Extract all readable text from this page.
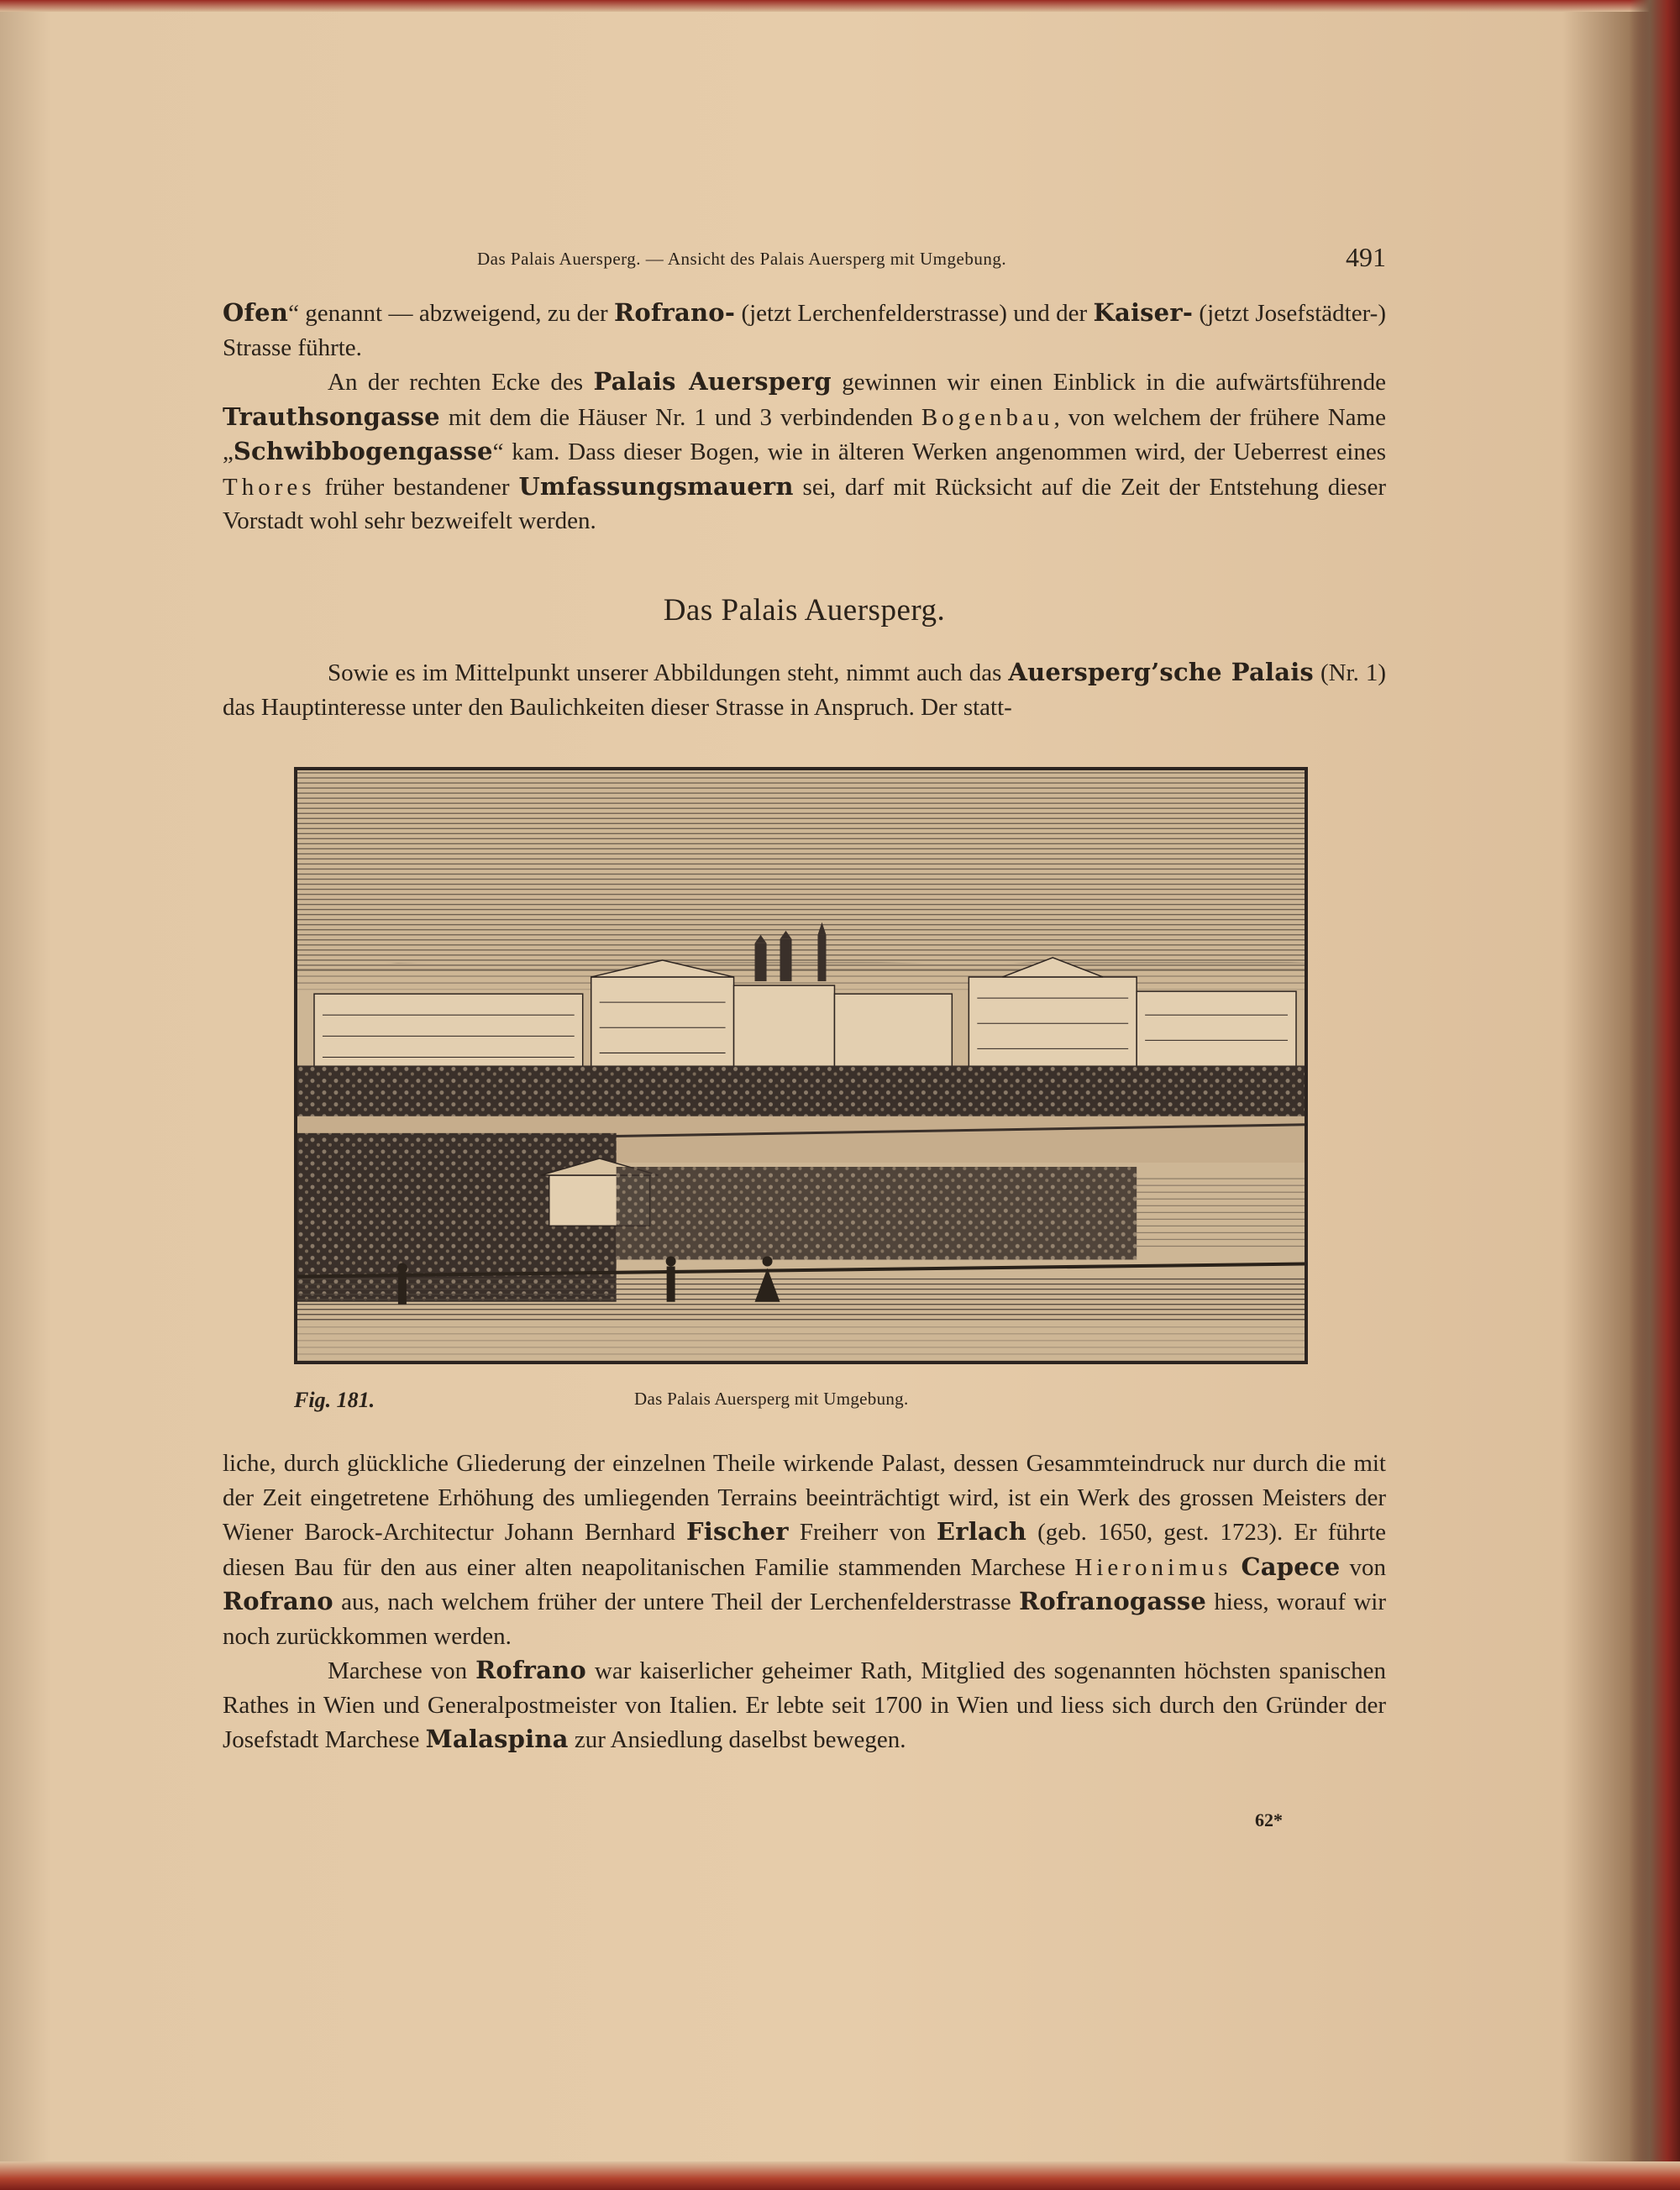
Das Palais Auersperg. — Ansicht des Palais Auersperg mit Umgebung.	491

Ofen“ genannt — abzweigend, zu der Rofrano- (jetzt Lerchenfelderstrasse) und der Kaiser- (jetzt Josefstädter-) Strasse führte.

An der rechten Ecke des Palais Auersperg gewinnen wir einen Einblick in die aufwärtsführende Trauthsongasse mit dem die Häuser Nr. 1 und 3 verbindenden Bogenbau, von welchem der frühere Name „Schwibbogengasse“ kam. Dass dieser Bogen, wie in älteren Werken angenommen wird, der Ueberrest eines Thores früher bestandener Umfassungsmauern sei, darf mit Rücksicht auf die Zeit der Entstehung dieser Vorstadt wohl sehr bezweifelt werden.

Das Palais Auersperg.

Sowie es im Mittelpunkt unserer Abbildungen steht, nimmt auch das Auersperg’sche Palais (Nr. 1) das Hauptinteresse unter den Baulichkeiten dieser Strasse in Anspruch. Der statt-

Fig. 181.	Das Palais Auersperg mit Umgebung.

liche, durch glückliche Gliederung der einzelnen Theile wirkende Palast, dessen Gesammteindruck nur durch die mit der Zeit eingetretene Erhöhung des umliegenden Terrains beeinträchtigt wird, ist ein Werk des grossen Meisters der Wiener Barock-Architectur Johann Bernhard Fischer Freiherr von Erlach (geb. 1650, gest. 1723). Er führte diesen Bau für den aus einer alten neapolitanischen Familie stammenden Marchese Hieronimus Capece von Rofrano aus, nach welchem früher der untere Theil der Lerchenfelderstrasse Rofranogasse hiess, worauf wir noch zurückkommen werden.

Marchese von Rofrano war kaiserlicher geheimer Rath, Mitglied des sogenannten höchsten spanischen Rathes in Wien und Generalpostmeister von Italien. Er lebte seit 1700 in Wien und liess sich durch den Gründer der Josefstadt Marchese Malaspina zur Ansiedlung daselbst bewegen.

62*
